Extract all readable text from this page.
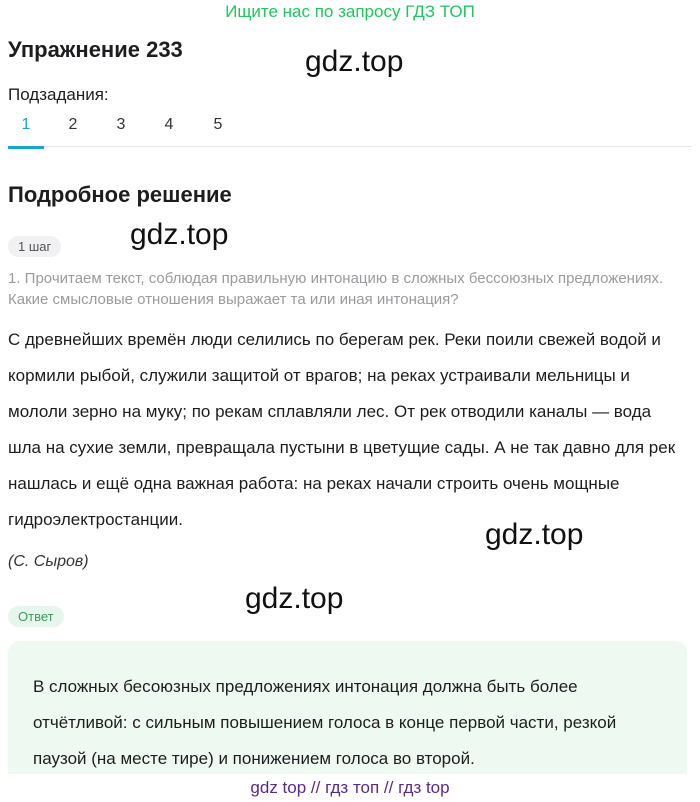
Ищите нас по запросу ГДЗ ТОП
Упражнение 233	gdz.top
gdz.top
gdz.top
gdz.top
Подзадания:
1	2	3	4	5
Подробное решение
1 шаг
1. Прочитаем текст, соблюдая правильную интонацию в сложных бессоюзных предложениях. Какие смысловые отношения выражает та или иная интонация?
С древнейших времён люди селились по берегам рек. Реки поили свежей водой и кормили рыбой, служили защитой от врагов; на реках устраивали мельницы и мололи зерно на муку; по рекам сплавляли лес. От рек отводили каналы — вода шла на сухие земли, превращала пустыни в цветущие сады. А не так давно для рек нашлась и ещё одна важная работа: на реках начали строить очень мощные гидроэлектростанции.
(С. Сыров)
Ответ
В сложных бесоюзных предложениях интонация должна быть более отчётливой: с сильным повышением голоса в конце первой части, резкой паузой (на месте тире) и понижением голоса во второй.
gdz top // гдз топ // гдз top
